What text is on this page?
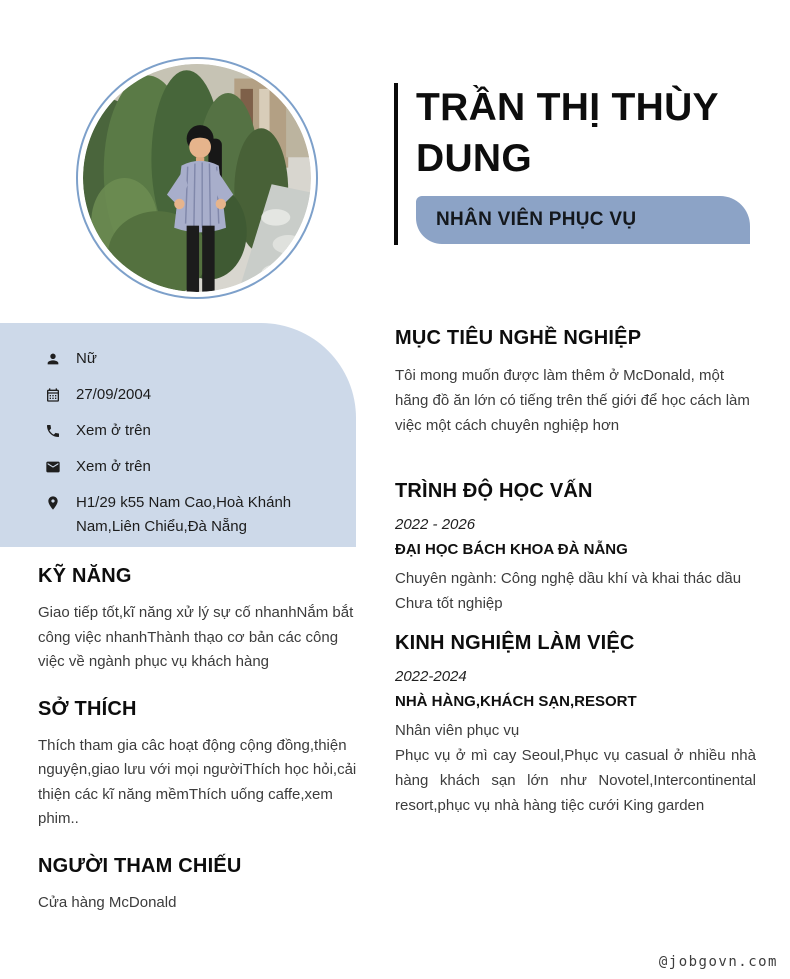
TRẦN THỊ THÙY DUNG
NHÂN VIÊN PHỤC VỤ
Nữ
27/09/2004
Xem ở trên
Xem ở trên
H1/29 k55 Nam Cao,Hoà Khánh Nam,Liên Chiểu,Đà Nẵng
KỸ NĂNG

Giao tiếp tốt,kĩ năng xử lý sự cố nhanhNắm bắt công việc nhanhThành thạo cơ bản các công việc về ngành phục vụ khách hàng

SỞ THÍCH

Thích tham gia câc hoạt động cộng đồng,thiện nguyện,giao lưu với mọi ngườiThích học hỏi,cải thiện các kĩ năng mềmThích uống caffe,xem phim..

NGƯỜI THAM CHIẾU

Cửa hàng McDonald

MỤC TIÊU NGHỀ NGHIỆP

Tôi mong muốn được làm thêm ở McDonald, một hãng đồ ăn lớn có tiếng trên thế giới để học cách làm việc một cách chuyên nghiệp hơn

TRÌNH ĐỘ HỌC VẤN

2022 - 2026

ĐẠI HỌC BÁCH KHOA ĐÀ NẴNG

Chuyên ngành: Công nghệ dầu khí và khai thác dầu

Chưa tốt nghiệp

KINH NGHIỆM LÀM VIỆC

2022-2024

NHÀ HÀNG,KHÁCH SẠN,RESORT

Nhân viên phục vụ

Phục vụ ở mì cay Seoul,Phục vụ casual ở nhiều nhà hàng khách sạn lớn như Novotel,Intercontinental resort,phục vụ nhà hàng tiệc cưới King garden

@jobgovn.com
